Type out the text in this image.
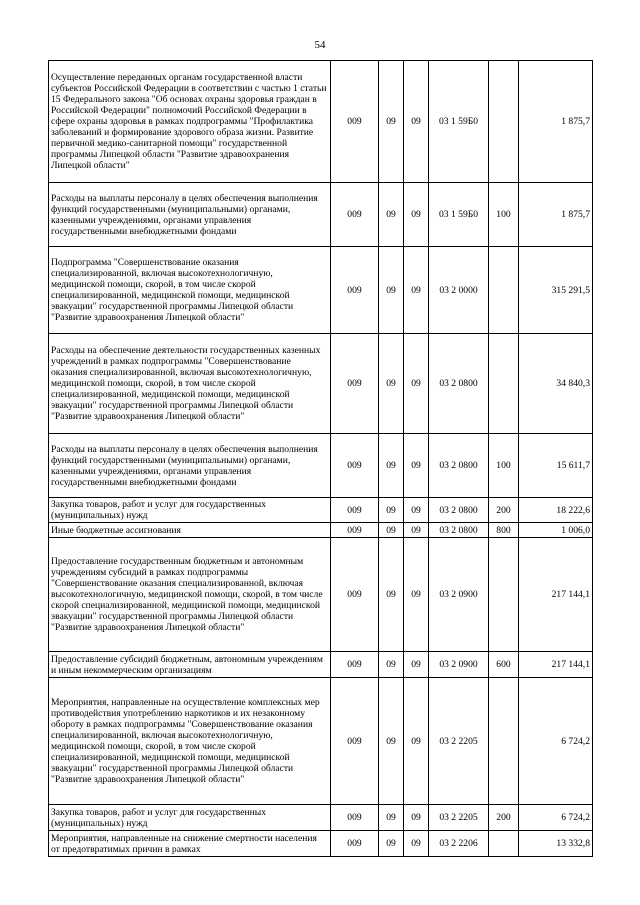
54
Осуществление переданных органам государственной власти субъектов Российской Федерации в соответствии с частью 1 статьи 15 Федерального закона "Об основах охраны здоровья граждан в Российской Федерации" полномочий Российской Федерации в сфере охраны здоровья в рамках подпрограммы "Профилактика заболеваний и формирование здорового образа жизни. Развитие первичной медико-санитарной помощи" государственной программы Липецкой области "Развитие здравоохранения Липецкой области"	009	09	09	03 1 59Б0		1 875,7
Расходы на выплаты персоналу в целях обеспечения выполнения функций государственными (муниципальными) органами, казенными учреждениями, органами управления государственными внебюджетными фондами	009	09	09	03 1 59Б0	100	1 875,7
Подпрограмма "Совершенствование оказания специализированной, включая высокотехнологичную, медицинской помощи, скорой, в том числе скорой специализированной, медицинской помощи, медицинской эвакуации" государственной программы Липецкой области "Развитие здравоохранения Липецкой области"	009	09	09	03 2 0000		315 291,5
Расходы на обеспечение деятельности государственных казенных учреждений в рамках подпрограммы "Совершенствование оказания специализированной, включая высокотехнологичную, медицинской помощи, скорой, в том числе скорой специализированной, медицинской помощи, медицинской эвакуации" государственной программы Липецкой области "Развитие здравоохранения Липецкой области"	009	09	09	03 2 0800		34 840,3
Расходы на выплаты персоналу в целях обеспечения выполнения функций государственными (муниципальными) органами, казенными учреждениями, органами управления государственными внебюджетными фондами	009	09	09	03 2 0800	100	15 611,7
Закупка товаров, работ и услуг для государственных (муниципальных) нужд	009	09	09	03 2 0800	200	18 222,6
Иные бюджетные ассигнования	009	09	09	03 2 0800	800	1 006,0
Предоставление государственным бюджетным и автономным учреждениям субсидий в рамках подпрограммы "Совершенствование оказания специализированной, включая высокотехнологичную, медицинской помощи, скорой, в том числе скорой специализированной, медицинской помощи, медицинской эвакуации" государственной программы Липецкой области "Развитие здравоохранения Липецкой области"	009	09	09	03 2 0900		217 144,1
Предоставление субсидий бюджетным, автономным учреждениям и иным некоммерческим организациям	009	09	09	03 2 0900	600	217 144,1
Мероприятия, направленные на осуществление комплексных мер противодействия употреблению наркотиков и их незаконному обороту в рамках подпрограммы "Совершенствование оказания специализированной, включая высокотехнологичную, медицинской помощи, скорой, в том числе скорой специализированной, медицинской помощи, медицинской эвакуации" государственной программы Липецкой области "Развитие здравоохранения Липецкой области"	009	09	09	03 2 2205		6 724,2
Закупка товаров, работ и услуг для государственных (муниципальных) нужд	009	09	09	03 2 2205	200	6 724,2
Мероприятия, направленные на снижение смертности населения от предотвратимых причин в рамках	009	09	09	03 2 2206		13 332,8
